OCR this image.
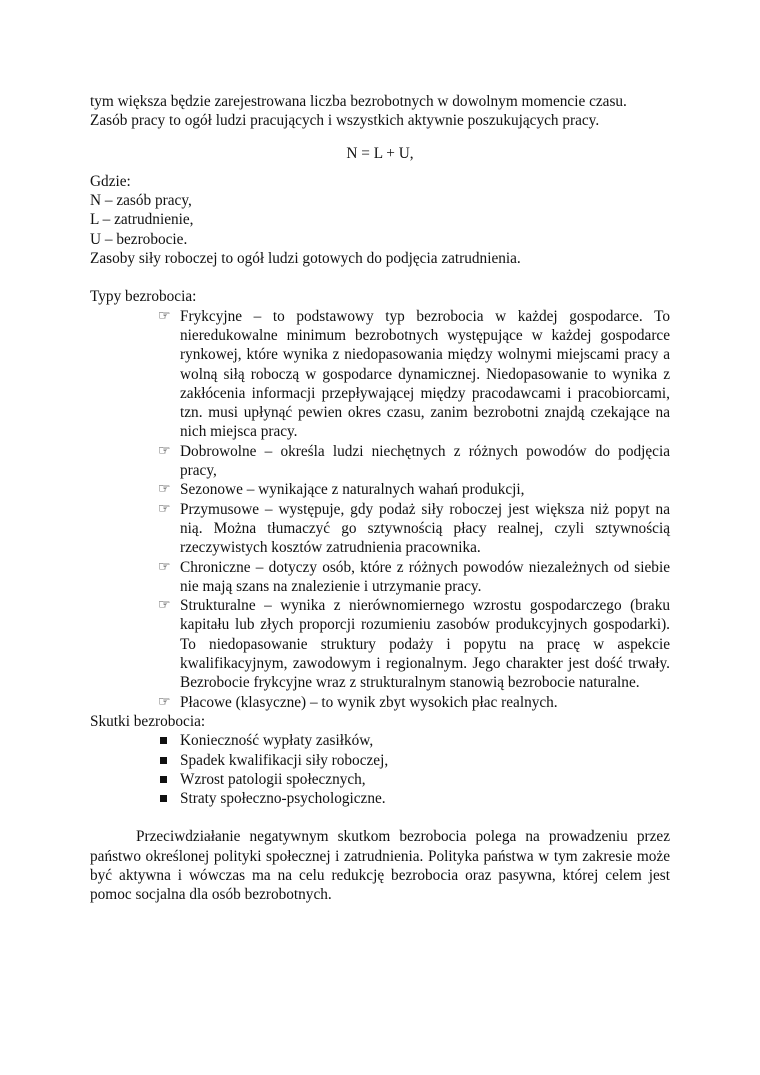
tym większa będzie zarejestrowana liczba bezrobotnych w dowolnym momencie czasu.

Zasób pracy to ogół ludzi pracujących i wszystkich aktywnie poszukujących pracy.

N = L + U,

Gdzie:

N – zasób pracy,

L – zatrudnienie,

U – bezrobocie.

Zasoby siły roboczej to ogół ludzi gotowych do podjęcia zatrudnienia.

Typy bezrobocia:

☞ Frykcyjne – to podstawowy typ bezrobocia w każdej gospodarce. To nieredukowalne minimum bezrobotnych występujące w każdej gospodarce rynkowej, które wynika z niedopasowania między wolnymi miejscami pracy a wolną siłą roboczą w gospodarce dynamicznej. Niedopasowanie to wynika z zakłócenia informacji przepływającej między pracodawcami i pracobiorcami, tzn. musi upłynąć pewien okres czasu, zanim bezrobotni znajdą czekające na nich miejsca pracy.
☞ Dobrowolne – określa ludzi niechętnych z różnych powodów do podjęcia pracy,
☞ Sezonowe – wynikające z naturalnych wahań produkcji,
☞ Przymusowe – występuje, gdy podaż siły roboczej jest większa niż popyt na nią. Można tłumaczyć go sztywnością płacy realnej, czyli sztywnością rzeczywistych kosztów zatrudnienia pracownika.
☞ Chroniczne – dotyczy osób, które z różnych powodów niezależnych od siebie nie mają szans na znalezienie i utrzymanie pracy.
☞ Strukturalne – wynika z nierównomiernego wzrostu gospodarczego (braku kapitału lub złych proporcji rozumieniu zasobów produkcyjnych gospodarki). To niedopasowanie struktury podaży i popytu na pracę w aspekcie kwalifikacyjnym, zawodowym i regionalnym. Jego charakter jest dość trwały. Bezrobocie frykcyjne wraz z strukturalnym stanowią bezrobocie naturalne.
☞ Płacowe (klasyczne) – to wynik zbyt wysokich płac realnych.

Skutki bezrobocia:

Konieczność wypłaty zasiłków,
Spadek kwalifikacji siły roboczej,
Wzrost patologii społecznych,
Straty społeczno-psychologiczne.

Przeciwdziałanie negatywnym skutkom bezrobocia polega na prowadzeniu przez państwo określonej polityki społecznej i zatrudnienia. Polityka państwa w tym zakresie może być aktywna i wówczas ma na celu redukcję bezrobocia oraz pasywna, której celem jest pomoc socjalna dla osób bezrobotnych.
